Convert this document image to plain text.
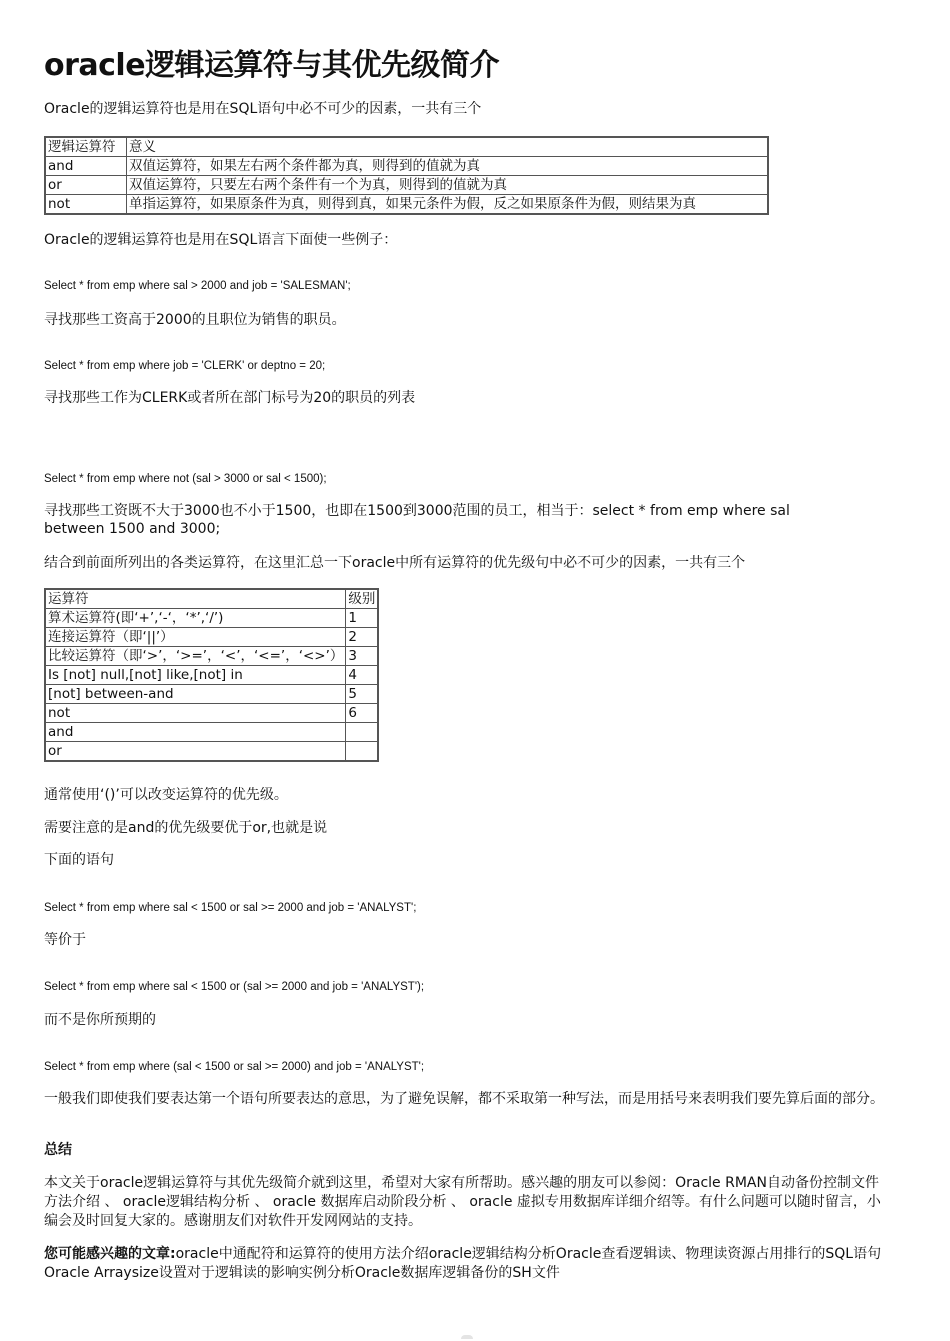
oracle逻辑运算符与其优先级简介

Oracle的逻辑运算符也是用在SQL语句中必不可少的因素，一共有三个

逻辑运算符	意义
and	双值运算符，如果左右两个条件都为真，则得到的值就为真
or	双值运算符，只要左右两个条件有一个为真，则得到的值就为真
not	单指运算符，如果原条件为真，则得到真，如果元条件为假，反之如果原条件为假，则结果为真

Oracle的逻辑运算符也是用在SQL语言下面使一些例子：

Select * from emp where sal > 2000 and job = 'SALESMAN';

寻找那些工资高于2000的且职位为销售的职员。

Select * from emp where job = 'CLERK' or deptno = 20;

寻找那些工作为CLERK或者所在部门标号为20的职员的列表

Select * from emp where not (sal > 3000 or sal < 1500);

寻找那些工资既不大于3000也不小于1500，也即在1500到3000范围的员工，相当于：select * from emp where sal

between 1500 and 3000;

结合到前面所列出的各类运算符，在这里汇总一下oracle中所有运算符的优先级句中必不可少的因素，一共有三个

运算符	级别
算术运算符(即‘+’,‘-‘，‘*’,‘/’)	1
连接运算符（即‘||’）	2
比较运算符（即‘>’，‘>=’，‘<’，‘<=’，‘<>’）	3
Is [not] null,[not] like,[not] in	4
[not] between-and	5
not	6
and	
or	

通常使用‘()’可以改变运算符的优先级。

需要注意的是and的优先级要优于or,也就是说

下面的语句

Select * from emp where sal < 1500 or sal >= 2000 and job = 'ANALYST';

等价于

Select * from emp where sal < 1500 or (sal >= 2000 and job = 'ANALYST');

而不是你所预期的

Select * from emp where (sal < 1500 or sal >= 2000) and job = 'ANALYST';

一般我们即使我们要表达第一个语句所要表达的意思，为了避免误解，都不采取第一种写法，而是用括号来表明我们要先算后面的部分。

总结

本文关于oracle逻辑运算符与其优先级简介就到这里，希望对大家有所帮助。感兴趣的朋友可以参阅：Oracle RMAN自动备份控制文件方法介绍 、 oracle逻辑结构分析 、 oracle 数据库启动阶段分析 、 oracle 虚拟专用数据库详细介绍等。有什么问题可以随时留言，小编会及时回复大家的。感谢朋友们对软件开发网网站的支持。

您可能感兴趣的文章:oracle中通配符和运算符的使用方法介绍oracle逻辑结构分析Oracle查看逻辑读、物理读资源占用排行的SQL语句Oracle Arraysize设置对于逻辑读的影响实例分析Oracle数据库逻辑备份的SH文件
